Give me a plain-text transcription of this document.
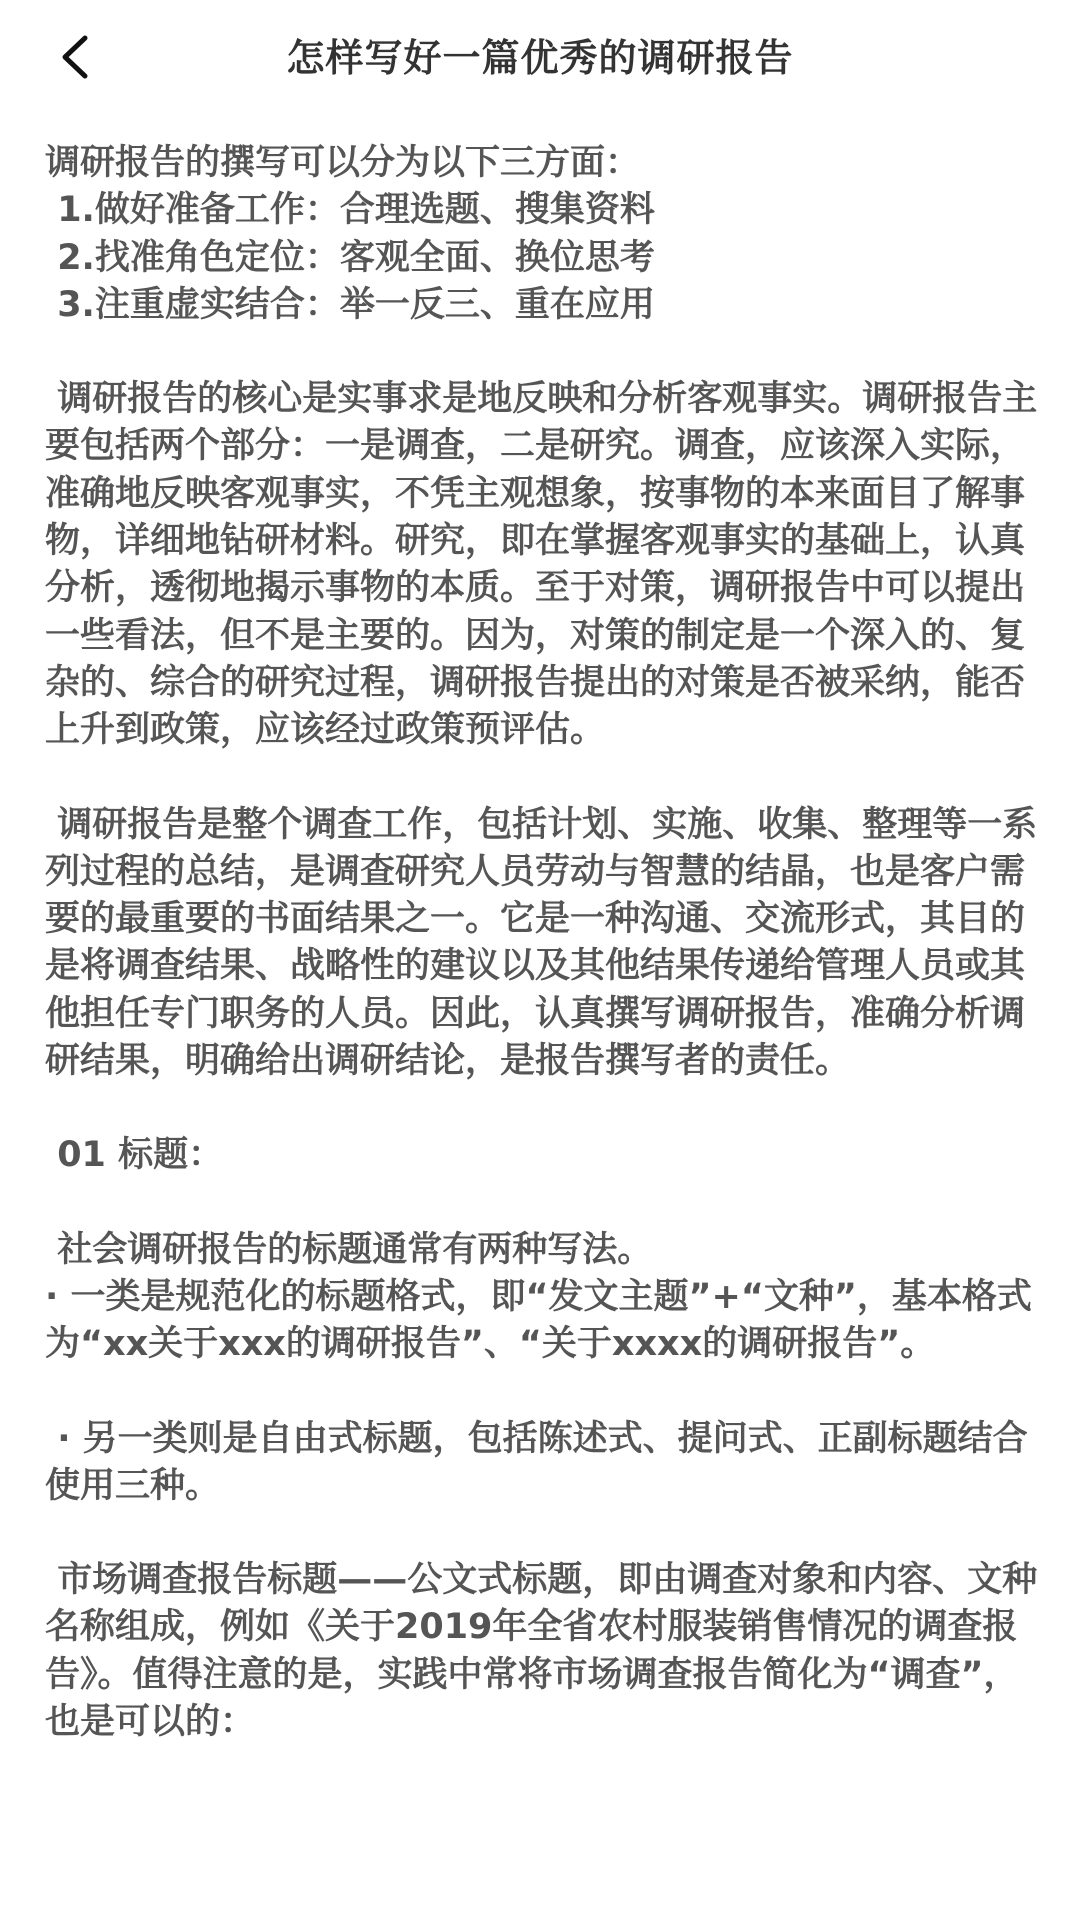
怎样写好一篇优秀的调研报告

调研报告的撰写可以分为以下三方面：

1.做好准备工作：合理选题、搜集资料

2.找准角色定位：客观全面、换位思考

3.注重虚实结合：举一反三、重在应用

调研报告的核心是实事求是地反映和分析客观事实。调研报告主要包括两个部分：一是调查，二是研究。调查，应该深入实际，准确地反映客观事实，不凭主观想象，按事物的本来面目了解事物，详细地钻研材料。研究，即在掌握客观事实的基础上，认真分析，透彻地揭示事物的本质。至于对策，调研报告中可以提出一些看法，但不是主要的。因为，对策的制定是一个深入的、复杂的、综合的研究过程，调研报告提出的对策是否被采纳，能否上升到政策，应该经过政策预评估。

调研报告是整个调查工作，包括计划、实施、收集、整理等一系列过程的总结，是调查研究人员劳动与智慧的结晶，也是客户需要的最重要的书面结果之一。它是一种沟通、交流形式，其目的是将调查结果、战略性的建议以及其他结果传递给管理人员或其他担任专门职务的人员。因此，认真撰写调研报告，准确分析调研结果，明确给出调研结论，是报告撰写者的责任。

01 标题：

社会调研报告的标题通常有两种写法。

· 一类是规范化的标题格式，即“发文主题”+“文种”，基本格式为“xx关于xxx的调研报告”、“关于xxxx的调研报告”。

· 另一类则是自由式标题，包括陈述式、提问式、正副标题结合使用三种。

市场调查报告标题——公文式标题，即由调查对象和内容、文种名称组成，例如《关于2019年全省农村服装销售情况的调查报告》。值得注意的是，实践中常将市场调查报告简化为“调查”，也是可以的：
